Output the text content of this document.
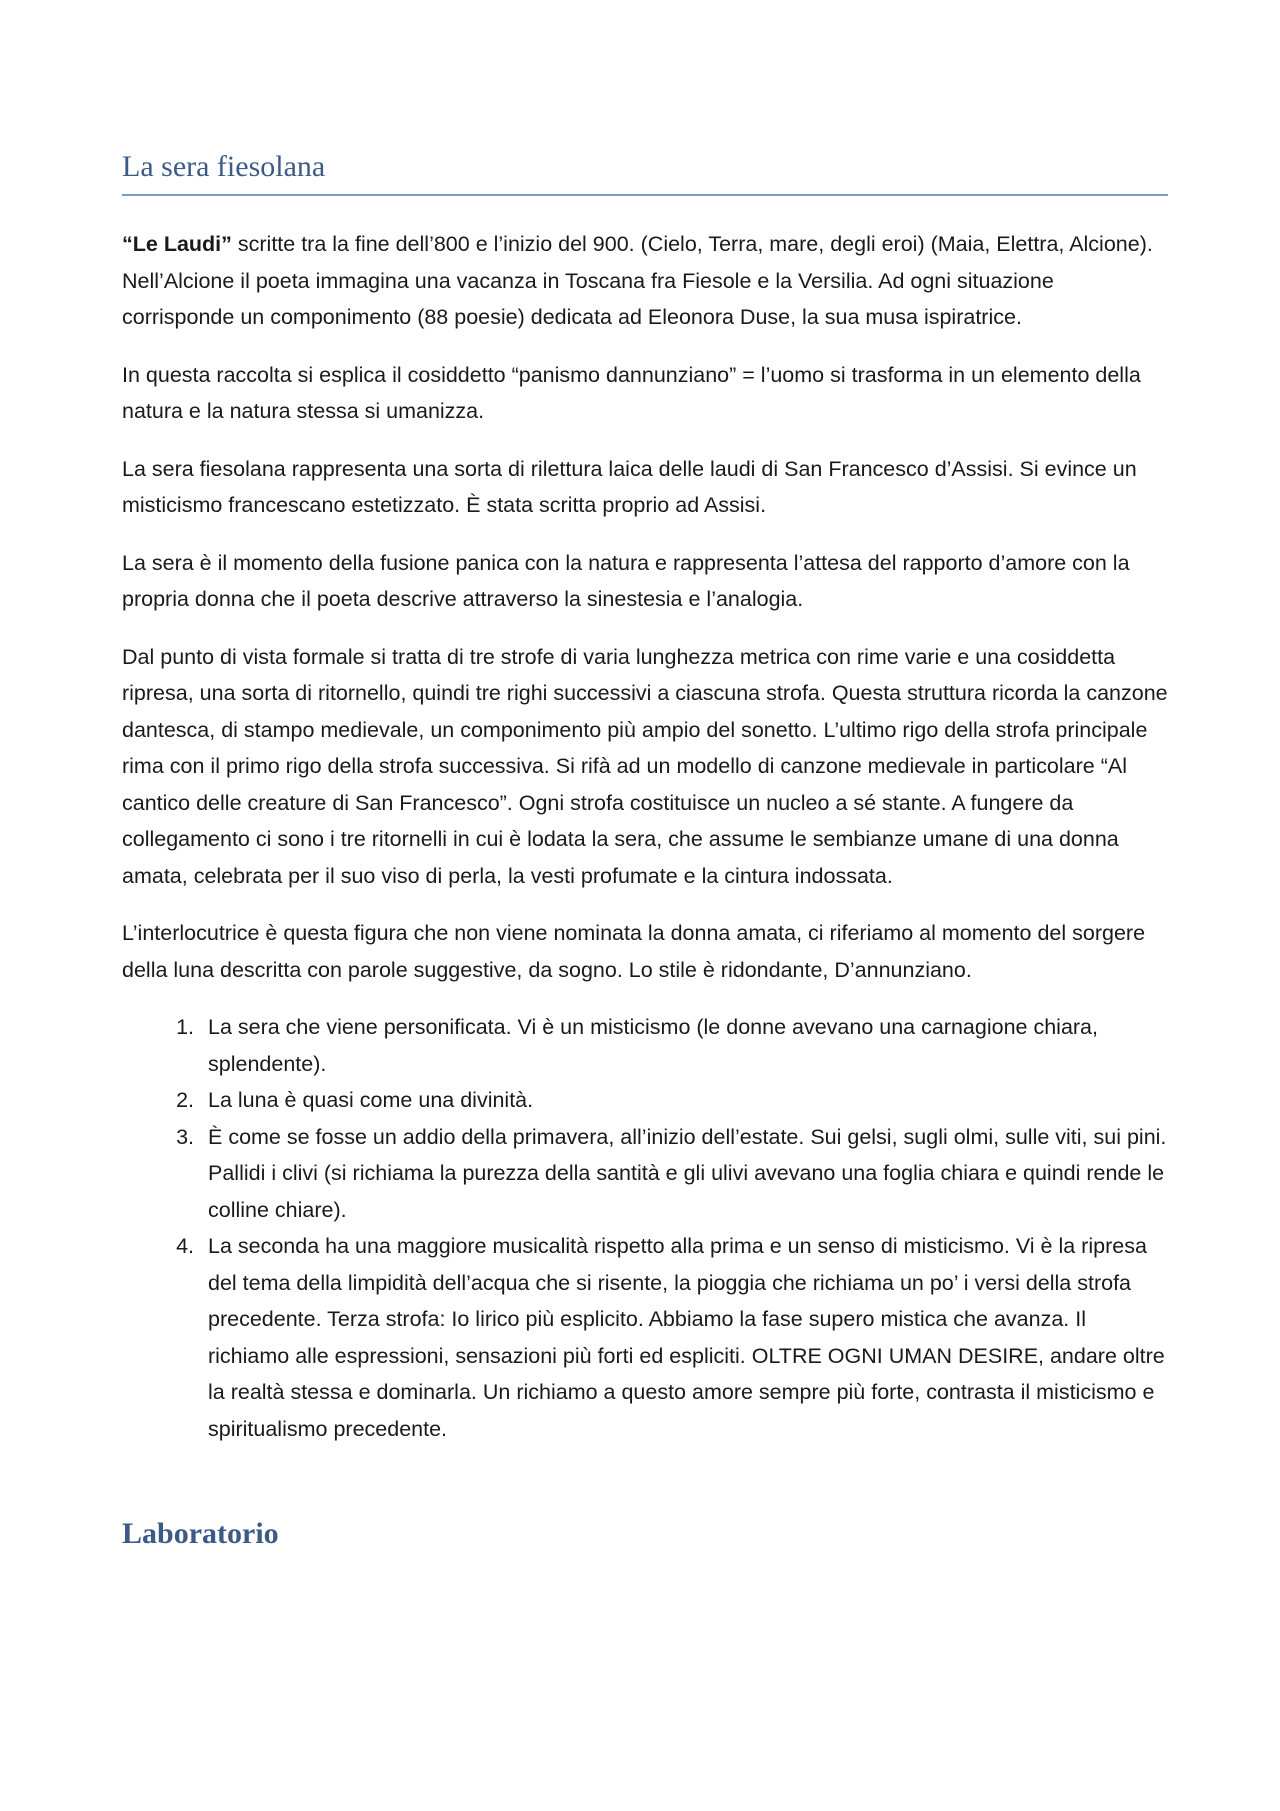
La sera fiesolana

“Le Laudi” scritte tra la fine dell’800 e l’inizio del 900. (Cielo, Terra, mare, degli eroi) (Maia, Elettra, Alcione). Nell’Alcione il poeta immagina una vacanza in Toscana fra Fiesole e la Versilia. Ad ogni situazione corrisponde un componimento (88 poesie) dedicata ad Eleonora Duse, la sua musa ispiratrice.

In questa raccolta si esplica il cosiddetto “panismo dannunziano” = l’uomo si trasforma in un elemento della natura e la natura stessa si umanizza.

La sera fiesolana rappresenta una sorta di rilettura laica delle laudi di San Francesco d’Assisi. Si evince un misticismo francescano estetizzato. È stata scritta proprio ad Assisi.

La sera è il momento della fusione panica con la natura e rappresenta l’attesa del rapporto d’amore con la propria donna che il poeta descrive attraverso la sinestesia e l’analogia.

Dal punto di vista formale si tratta di tre strofe di varia lunghezza metrica con rime varie e una cosiddetta ripresa, una sorta di ritornello, quindi tre righi successivi a ciascuna strofa. Questa struttura ricorda la canzone dantesca, di stampo medievale, un componimento più ampio del sonetto. L’ultimo rigo della strofa principale rima con il primo rigo della strofa successiva. Si rifà ad un modello di canzone medievale in particolare “Al cantico delle creature di San Francesco”. Ogni strofa costituisce un nucleo a sé stante. A fungere da collegamento ci sono i tre ritornelli in cui è lodata la sera, che assume le sembianze umane di una donna amata, celebrata per il suo viso di perla, la vesti profumate e la cintura indossata.

L’interlocutrice è questa figura che non viene nominata la donna amata, ci riferiamo al momento del sorgere della luna descritta con parole suggestive, da sogno. Lo stile è ridondante, D’annunziano.

1. La sera che viene personificata. Vi è un misticismo (le donne avevano una carnagione chiara, splendente).
2. La luna è quasi come una divinità.
3. È come se fosse un addio della primavera, all’inizio dell’estate. Sui gelsi, sugli olmi, sulle viti, sui pini. Pallidi i clivi (si richiama la purezza della santità e gli ulivi avevano una foglia chiara e quindi rende le colline chiare).
4. La seconda ha una maggiore musicalità rispetto alla prima e un senso di misticismo. Vi è la ripresa del tema della limpidità dell’acqua che si risente, la pioggia che richiama un po’ i versi della strofa precedente. Terza strofa: Io lirico più esplicito. Abbiamo la fase supero mistica che avanza. Il richiamo alle espressioni, sensazioni più forti ed espliciti. OLTRE OGNI UMAN DESIRE, andare oltre la realtà stessa e dominarla. Un richiamo a questo amore sempre più forte, contrasta il misticismo e spiritualismo precedente.
Laboratorio
